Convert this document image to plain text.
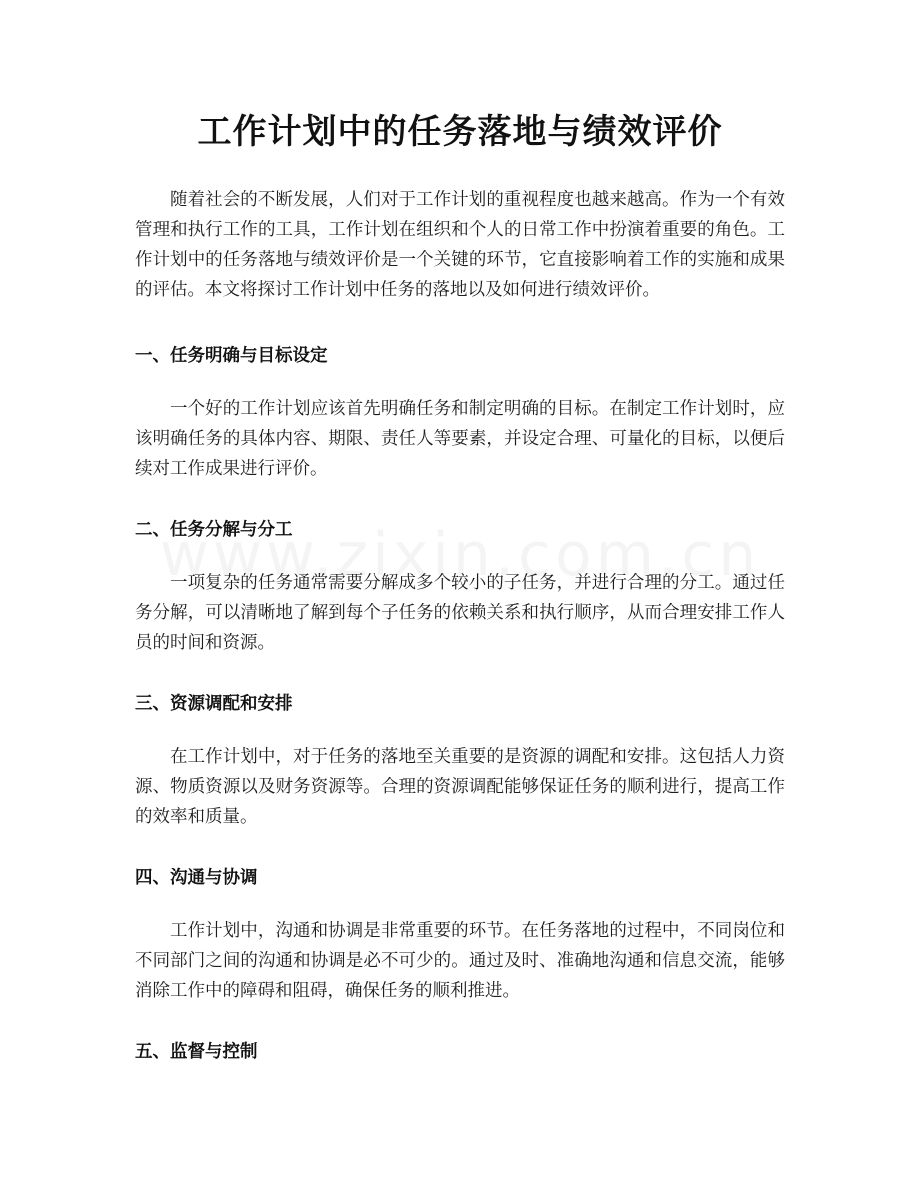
工作计划中的任务落地与绩效评价

随着社会的不断发展，人们对于工作计划的重视程度也越来越高。作为一个有效管理和执行工作的工具，工作计划在组织和个人的日常工作中扮演着重要的角色。工作计划中的任务落地与绩效评价是一个关键的环节，它直接影响着工作的实施和成果的评估。本文将探讨工作计划中任务的落地以及如何进行绩效评价。

一、任务明确与目标设定

一个好的工作计划应该首先明确任务和制定明确的目标。在制定工作计划时，应该明确任务的具体内容、期限、责任人等要素，并设定合理、可量化的目标，以便后续对工作成果进行评价。

二、任务分解与分工

一项复杂的任务通常需要分解成多个较小的子任务，并进行合理的分工。通过任务分解，可以清晰地了解到每个子任务的依赖关系和执行顺序，从而合理安排工作人员的时间和资源。

三、资源调配和安排

在工作计划中，对于任务的落地至关重要的是资源的调配和安排。这包括人力资源、物质资源以及财务资源等。合理的资源调配能够保证任务的顺利进行，提高工作的效率和质量。

四、沟通与协调

工作计划中，沟通和协调是非常重要的环节。在任务落地的过程中，不同岗位和不同部门之间的沟通和协调是必不可少的。通过及时、准确地沟通和信息交流，能够消除工作中的障碍和阻碍，确保任务的顺利推进。

五、监督与控制
